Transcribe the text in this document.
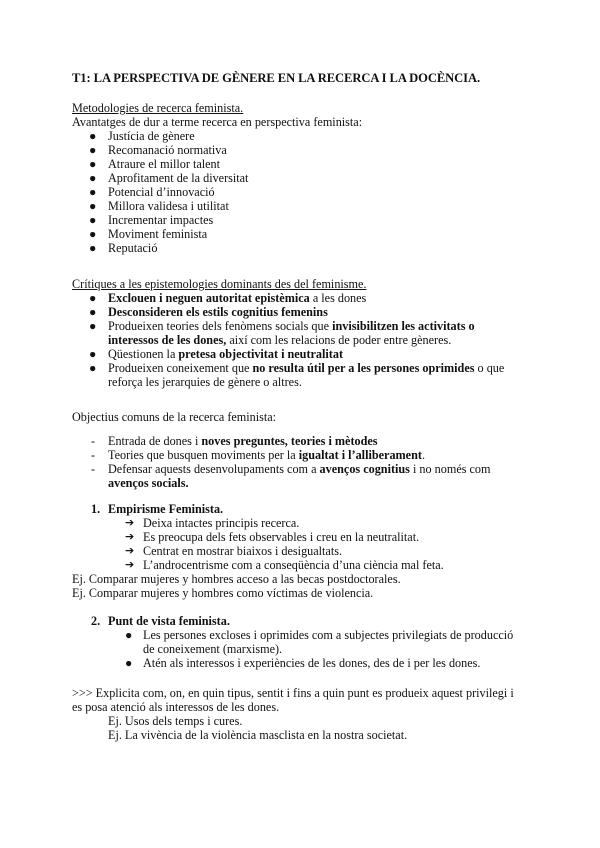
T1: LA PERSPECTIVA DE GÈNERE EN LA RECERCA I LA DOCÈNCIA.
Metodologies de recerca feminista.
Avantatges de dur a terme recerca en perspectiva feminista:
● Justícia de gènere
● Recomanació normativa
● Atraure el millor talent
● Aprofitament de la diversitat
● Potencial d’innovació
● Millora validesa i utilitat
● Incrementar impactes
● Moviment feminista
● Reputació
Crítiques a les epistemologies dominants des del feminisme.
● Exclouen i neguen autoritat epistèmica a les dones
● Desconsideren els estils cognitius femenins
● Produeixen teories dels fenòmens socials que invisibilitzen les activitats o
interessos de les dones, així com les relacions de poder entre gèneres.
● Qüestionen la pretesa objectivitat i neutralitat
● Produeixen coneixement que no resulta útil per a les persones oprimides o que
reforça les jerarquies de gènere o altres.
Objectius comuns de la recerca feminista:
- Entrada de dones i noves preguntes, teories i mètodes
- Teories que busquen moviments per la igualtat i l’alliberament.
- Defensar aquests desenvolupaments com a avenços cognitius i no només com
avenços socials.
1. Empirisme Feminista.
➔ Deixa intactes principis recerca.
➔ Es preocupa dels fets observables i creu en la neutralitat.
➔ Centrat en mostrar biaixos i desigualtats.
➔ L’androcentrisme com a conseqüència d’una ciència mal feta.
Ej. Comparar mujeres y hombres acceso a las becas postdoctorales.
Ej. Comparar mujeres y hombres como víctimas de violencia.
2. Punt de vista feminista.
● Les persones excloses i oprimides com a subjectes privilegiats de producció
de coneixement (marxisme).
● Atén als interessos i experiències de les dones, des de i per les dones.
>>> Explicita com, on, en quin tipus, sentit i fins a quin punt es produeix aquest privilegi i
es posa atenció als interessos de les dones.
Ej. Usos dels temps i cures.
Ej. La vivència de la violència masclista en la nostra societat.
